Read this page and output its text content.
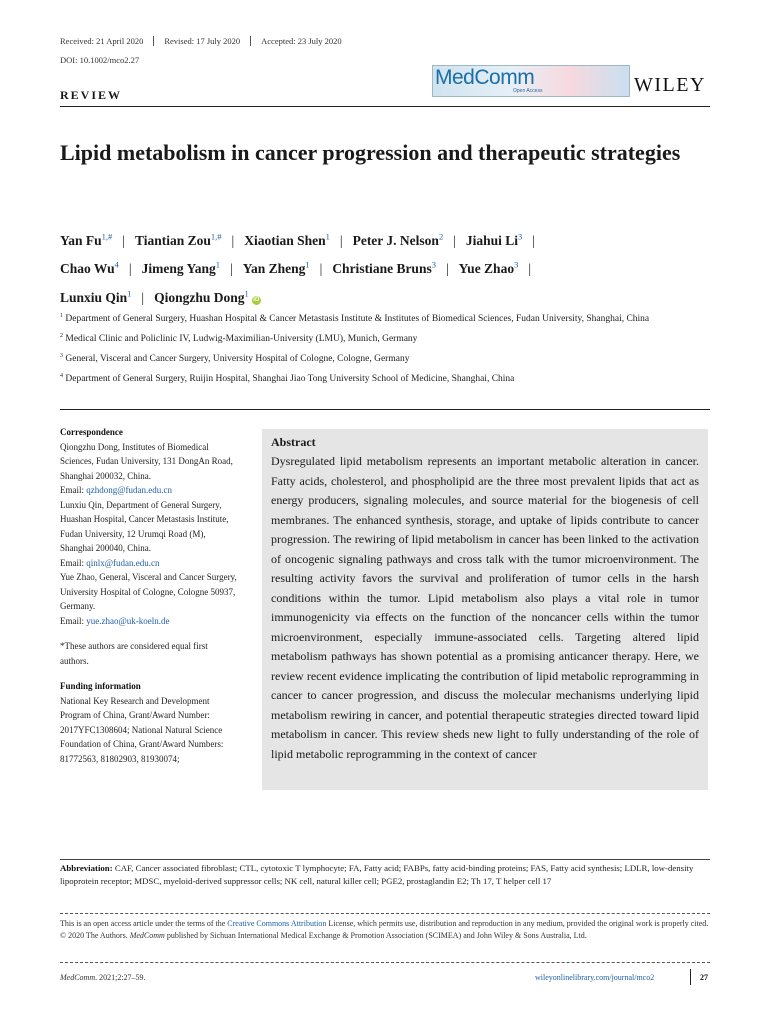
Received: 21 April 2020	Revised: 17 July 2020	Accepted: 23 July 2020
DOI: 10.1002/mco2.27
REVIEW
MedComm
Open Access	WILEY
Lipid metabolism in cancer progression and therapeutic strategies
Yan $Fu^{1,\#}$ | Tiantian Zou$^{1,\#}$ | Xiaotian Shen$^1$ | Peter J. Nelson$^2$ | Jiahui Li$^3$ |
Chao Wu$^4$ | Jimeng Yang$^1$ | Yan Zheng$^1$ | Christiane Bruns$^3$ | Yue Zhao$^3$ |
Lunxiu Qin$^1$ | Qiongzhu Dong$^1$iD

$^1$ Department of General Surgery, Huashan Hospital & Cancer Metastasis Institute & Institutes of Biomedical Sciences, Fudan University, Shanghai, China

$^2$ Medical Clinic and Policlinic IV, Ludwig-Maximilian-University (LMU), Munich, Germany

$^3$ General, Visceral and Cancer Surgery, University Hospital of Cologne, Cologne, Germany

$^4$ Department of General Surgery, Ruijin Hospital, Shanghai Jiao Tong University School of Medicine, Shanghai, China

Correspondence

Qiongzhu Dong, Institutes of Biomedical Sciences, Fudan University, 131 DongAn Road, Shanghai 200032, China.

Email: qzhdong@fudan.edu.cn

Lunxiu Qin, Department of General Surgery, Huashan Hospital, Cancer Metastasis Institute, Fudan University, 12 Urumqi Road (M), Shanghai 200040, China.

Email: qinlx@fudan.edu.cn

Yue Zhao, General, Visceral and Cancer Surgery, University Hospital of Cologne, Cologne 50937, Germany.

Email: yue.zhao@uk-koeln.de

*These authors are considered equal first authors.

Funding information

National Key Research and Development Program of China, Grant/Award Number: 2017YFC1308604; National Natural Science Foundation of China, Grant/Award Numbers: 81772563, 81802903, 81930074;

Abstract
Dysregulated lipid metabolism represents an important metabolic alteration in cancer. Fatty acids, cholesterol, and phospholipid are the three most prevalent lipids that act as energy producers, signaling molecules, and source material for the biogenesis of cell membranes. The enhanced synthesis, storage, and uptake of lipids contribute to cancer progression. The rewiring of lipid metabolism in cancer has been linked to the activation of oncogenic signaling pathways and cross talk with the tumor microenvironment. The resulting activity favors the survival and proliferation of tumor cells in the harsh conditions within the tumor. Lipid metabolism also plays a vital role in tumor immunogenicity via effects on the function of the noncancer cells within the tumor microenvironment, especially immune-associated cells. Targeting altered lipid metabolism pathways has shown potential as a promising anticancer therapy. Here, we review recent evidence implicating the contribution of lipid metabolic reprogramming in cancer to cancer progression, and discuss the molecular mechanisms underlying lipid metabolism rewiring in cancer, and potential therapeutic strategies directed toward lipid metabolism in cancer. This review sheds new light to fully understanding of the role of lipid metabolic reprogramming in the context of cancer
Abbreviation: CAF, Cancer associated fibroblast; CTL, cytotoxic T lymphocyte; FA, Fatty acid; FABPs, fatty acid-binding proteins; FAS, Fatty acid synthesis; LDLR, low-density lipoprotein receptor; MDSC, myeloid-derived suppressor cells; NK cell, natural killer cell; PGE2, prostaglandin E2; Th 17, T helper cell 17
This is an open access article under the terms of the Creative Commons Attribution License, which permits use, distribution and reproduction in any medium, provided the original work is properly cited.
© 2020 The Authors. MedComm published by Sichuan International Medical Exchange & Promotion Association (SCIMEA) and John Wiley & Sons Australia, Ltd.
MedComm. 2021;2:27–59.	wileyonlinelibrary.com/journal/mco2	27
